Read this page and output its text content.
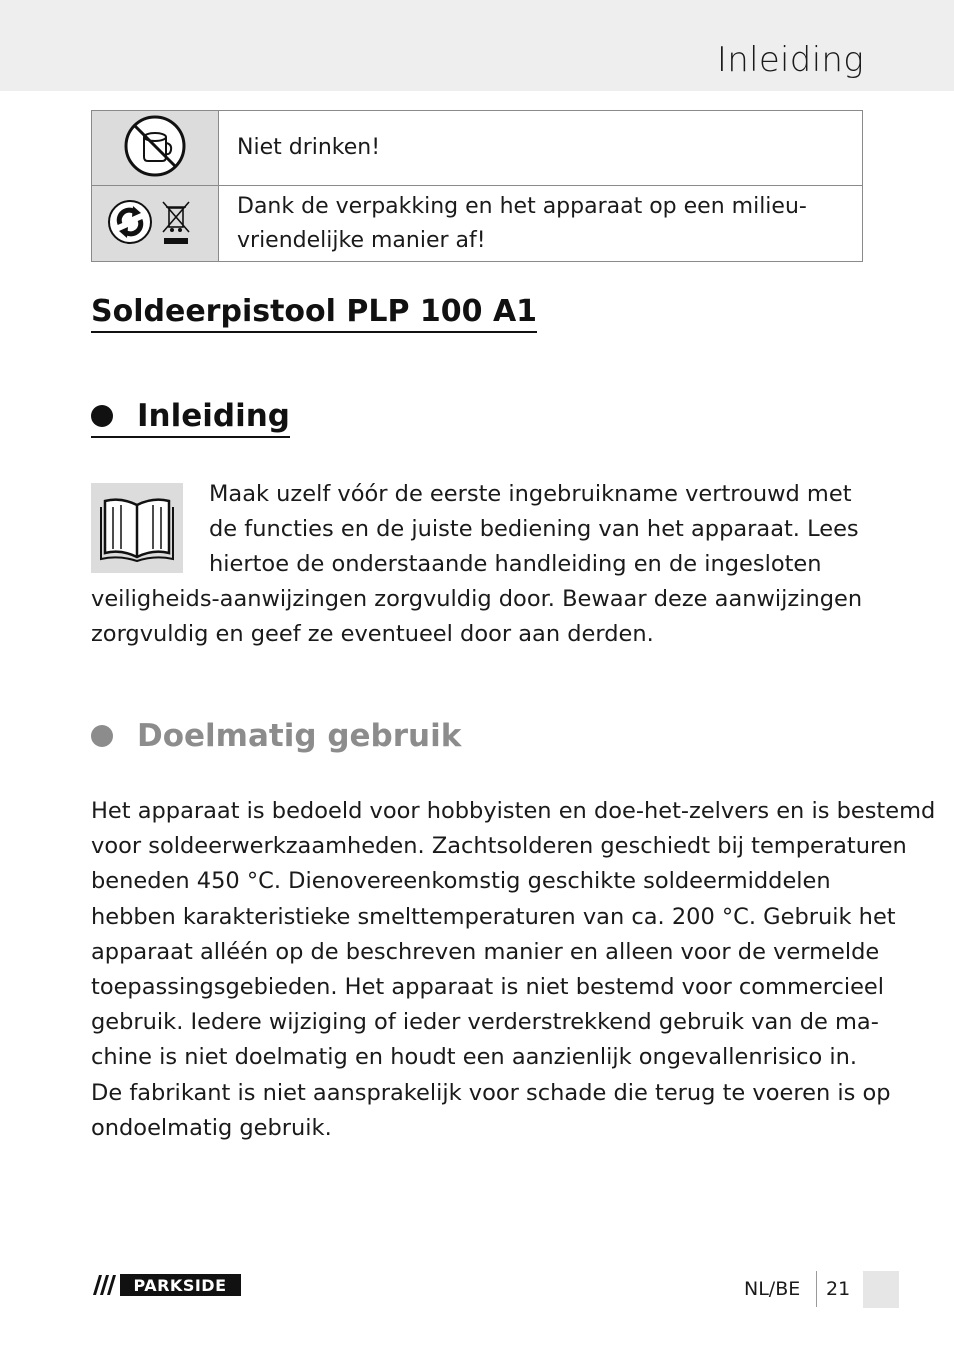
Inleiding

Niet drinken!

Dank de verpakking en het apparaat op een milieu-
vriendelijke manier af!
Soldeerpistool PLP 100 A1
Inleiding
Maak uzelf vóór de eerste ingebruikname vertrouwd met
de functies en de juiste bediening van het apparaat. Lees
hiertoe de onderstaande handleiding en de ingesloten
veiligheids-aanwijzingen zorgvuldig door. Bewaar deze aanwijzingen
zorgvuldig en geef ze eventueel door aan derden.
Doelmatig gebruik
Het apparaat is bedoeld voor hobbyisten en doe-het-zelvers en is bestemd
voor soldeerwerkzaamheden. Zachtsolderen geschiedt bij temperaturen
beneden 450 °C. Dienovereenkomstig geschikte soldeermiddelen
hebben karakteristieke smelttemperaturen van ca. 200 °C. Gebruik het
apparaat alléén op de beschreven manier en alleen voor de vermelde
toepassingsgebieden. Het apparaat is niet bestemd voor commercieel
gebruik. Iedere wijziging of ieder verderstrekkend gebruik van de ma-
chine is niet doelmatig en houdt een aanzienlijk ongevallenrisico in.
De fabrikant is niet aansprakelijk voor schade die terug te voeren is op
ondoelmatig gebruik.
PARKSIDE	NL/BE 21
